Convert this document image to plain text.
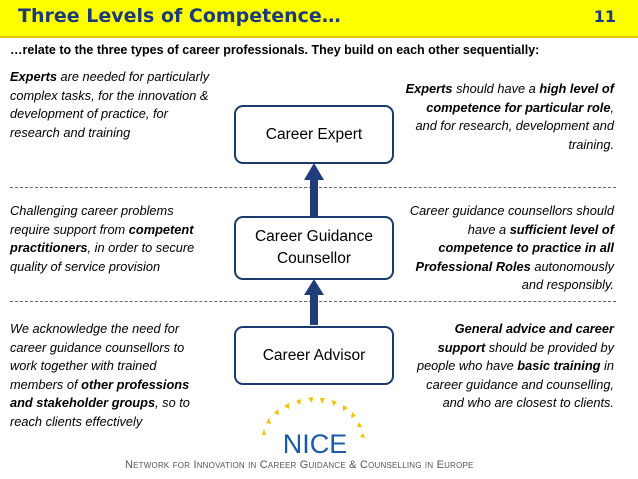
Three Levels of Competence…	11
…relate to the three types of career professionals. They build on each other sequentially:
Experts are needed for particularly complex tasks, for the innovation & development of practice, for research and training
Challenging career problems require support from competent practitioners, in order to secure quality of service provision
We acknowledge the need for career guidance counsellors to work together with trained members of other professions and stakeholder groups, so to reach clients effectively
Experts should have a high level of competence for particular role, and for research, development and training.
Career guidance counsellors should have a sufficient level of competence to practice in all Professional Roles autonomously and responsibly.
General advice and career support should be provided by people who have basic training in career guidance and counselling, and who are closest to clients.
Career Expert
Career Guidance
Counsellor
Career Advisor
NICE
Network for Innovation in Career Guidance & Counselling in Europe
